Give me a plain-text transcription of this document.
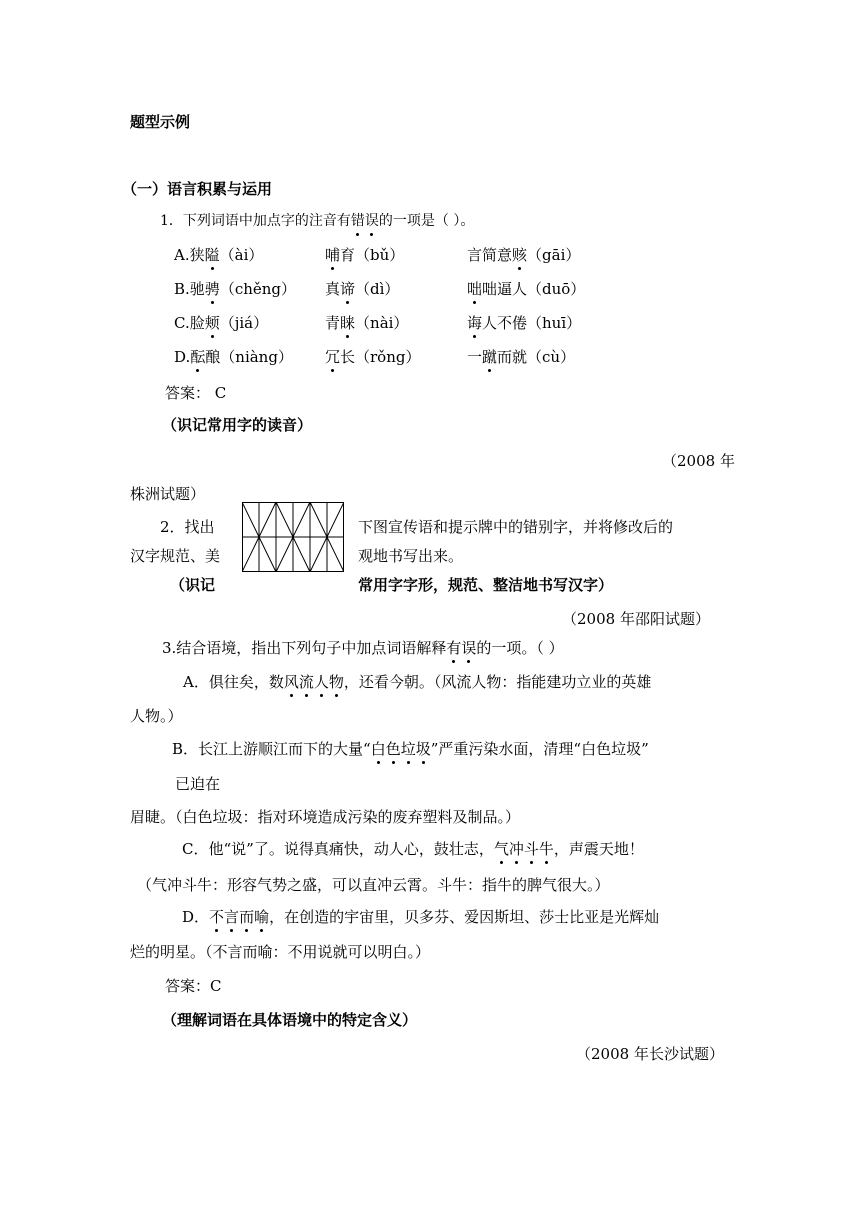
题型示例
（一）语言积累与运用
1．下列词语中加点字的注音有错误的一项是（ ）。
A.狭隘（ài）	哺育（bǔ）	言简意赅（gāi）
B.驰骋（chěng） 真谛（dì）	咄咄逼人（duō）
C.脸颊（jiá）	青睐（nài）	诲人不倦（huī）
D.酝酿（niàng） 冗长（rǒng）	一蹴而就（cù）
答案： C
（识记常用字的读音）
（2008 年
株洲试题）
2．找出
汉字规范、美
下图宣传语和提示牌中的错别字，并将修改后的
观地书写出来。
（识记	常用字字形，规范、整洁地书写汉字）
（2008 年邵阳试题）
3.结合语境，指出下列句子中加点词语解释有误的一项。（ ）
A．俱往矣，数风流人物，还看今朝。（风流人物：指能建功立业的英雄
人物。）
B．长江上游顺江而下的大量“白色垃圾”严重污染水面，清理“白色垃圾”
已迫在
眉睫。（白色垃圾：指对环境造成污染的废弃塑料及制品。）
C．他“说”了。说得真痛快，动人心，鼓壮志，气冲斗牛，声震天地！
（气冲斗牛：形容气势之盛，可以直冲云霄。斗牛：指牛的脾气很大。）
D．不言而喻，在创造的宇宙里，贝多芬、爱因斯坦、莎士比亚是光辉灿
烂的明星。（不言而喻：不用说就可以明白。）
答案：C
（理解词语在具体语境中的特定含义）
（2008 年长沙试题）
